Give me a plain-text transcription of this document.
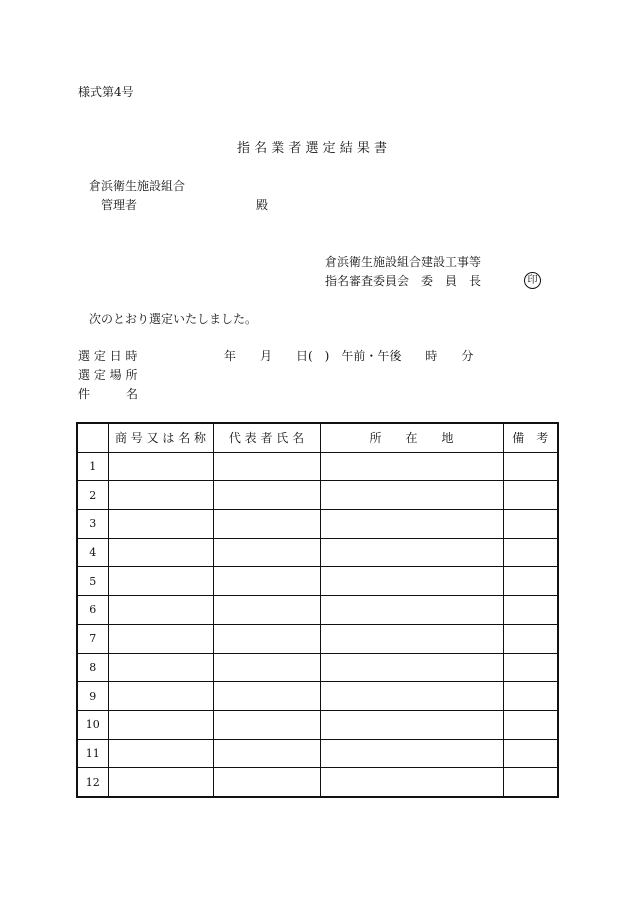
様式第4号
指 名 業 者 選 定 結 果 書
倉浜衛生施設組合
管理者	殿
倉浜衛生施設組合建設工事等
指名審査委員会　委　員　長	印
次のとおり選定いたしました。
選 定 日 時	年　　月　　日(　)　午前・午後　　時　　分
選 定 場 所
件　　　名
	商 号 又 は 名 称	代 表 者 氏 名	所　　在　　地	備　考
1				
2				
3				
4				
5				
6				
7				
8				
9				
10				
11				
12				
